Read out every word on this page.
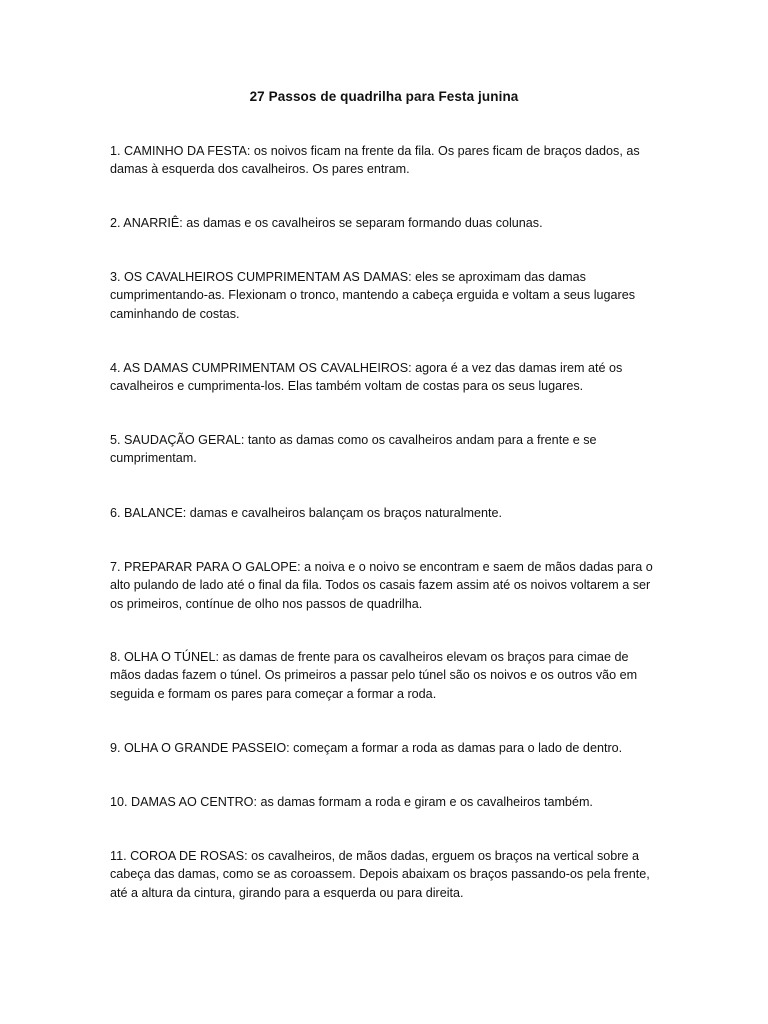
27 Passos de quadrilha para Festa junina

1. CAMINHO DA FESTA: os noivos ficam na frente da fila. Os pares ficam de braços dados, as damas à esquerda dos cavalheiros. Os pares entram.

2. ANARRIÊ: as damas e os cavalheiros se separam formando duas colunas.

3. OS CAVALHEIROS CUMPRIMENTAM AS DAMAS: eles se aproximam das damas cumprimentando-as. Flexionam o tronco, mantendo a cabeça erguida e voltam a seus lugares caminhando de costas.

4. AS DAMAS CUMPRIMENTAM OS CAVALHEIROS: agora é a vez das damas irem até os cavalheiros e cumprimenta-los. Elas também voltam de costas para os seus lugares.

5. SAUDAÇÃO GERAL: tanto as damas como os cavalheiros andam para a frente e se cumprimentam.

6. BALANCE: damas e cavalheiros balançam os braços naturalmente.

7. PREPARAR PARA O GALOPE: a noiva e o noivo se encontram e saem de mãos dadas para o alto pulando de lado até o final da fila. Todos os casais fazem assim até os noivos voltarem a ser os primeiros, contínue de olho nos passos de quadrilha.

8. OLHA O TÚNEL: as damas de frente para os cavalheiros elevam os braços para cimae de mãos dadas fazem o túnel. Os primeiros a passar pelo túnel são os noivos e os outros vão em seguida e formam os pares para começar a formar a roda.

9. OLHA O GRANDE PASSEIO: começam a formar a roda as damas para o lado de dentro.

10. DAMAS AO CENTRO: as damas formam a roda e giram e os cavalheiros também.

11. COROA DE ROSAS: os cavalheiros, de mãos dadas, erguem os braços na vertical sobre a cabeça das damas, como se as coroassem. Depois abaixam os braços passando-os pela frente, até a altura da cintura, girando para a esquerda ou para direita.
